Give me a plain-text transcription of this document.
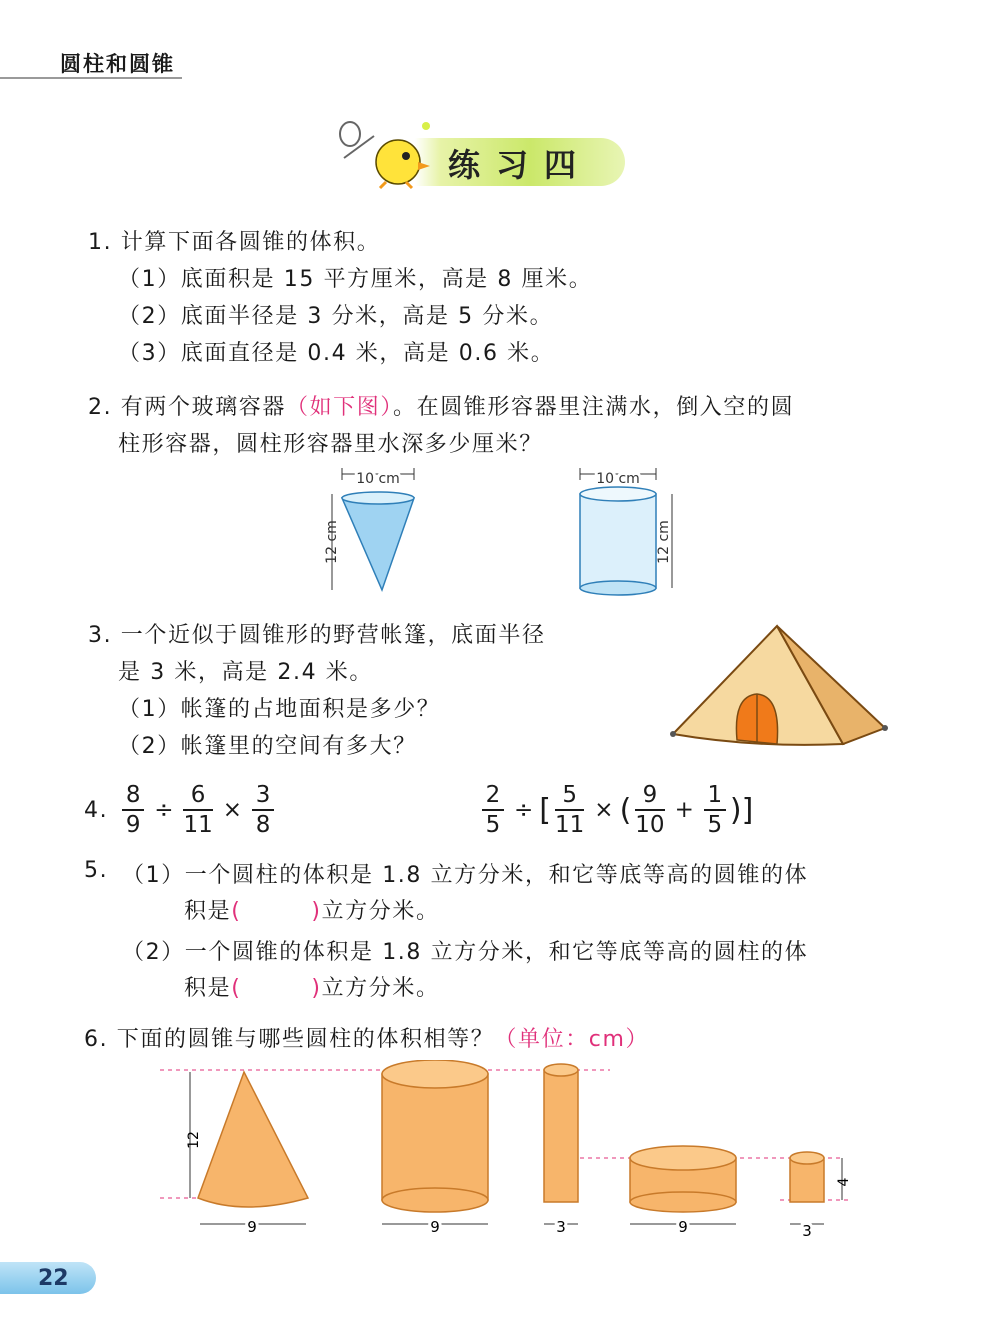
圆柱和圆锥
练习四
1. 计算下面各圆锥的体积。
（1）底面积是 15 平方厘米，高是 8 厘米。
（2）底面半径是 3 分米，高是 5 分米。
（3）底面直径是 0.4 米，高是 0.6 米。
2. 有两个玻璃容器（如下图）。在圆锥形容器里注满水，倒入空的圆
柱形容器，圆柱形容器里水深多少厘米？
10 cm
12 cm
10 cm
12 cm
3. 一个近似于圆锥形的野营帐篷，底面半径
是 3 米，高是 2.4 米。
（1）帐篷的占地面积是多少？
（2）帐篷里的空间有多大？
4. $\frac{8}{9} \div \frac{6}{11} \times \frac{3}{8}$	$\frac{2}{5}$ ÷ [ $\frac{5}{11}$ × ( $\frac{9}{10} + \frac{1}{5}$ ) ]
5. （1）一个圆柱的体积是 1.8 立方分米，和它等底等高的圆锥的体
积是(	)立方分米。
（2）一个圆锥的体积是 1.8 立方分米，和它等底等高的圆柱的体
积是(	)立方分米。
6. 下面的圆锥与哪些圆柱的体积相等？（单位：cm）
12
9	9	3	9	3
4
22
